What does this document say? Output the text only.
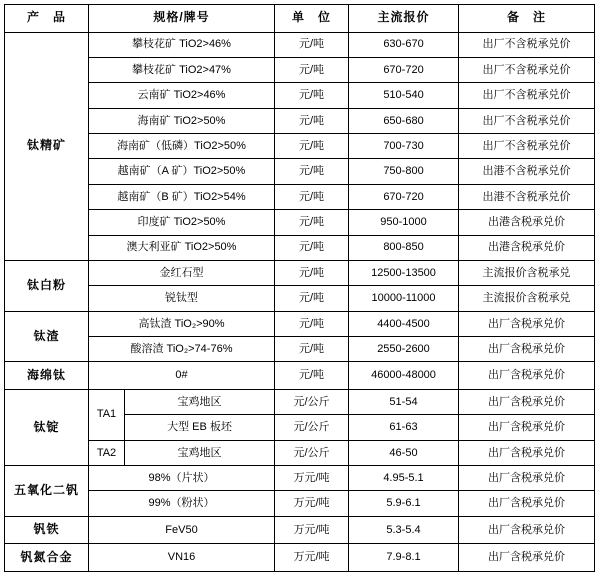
产　品	规格/牌号		单　位	主流报价	备　注
钛精矿	攀枝花矿 TiO2>46%		元/吨	630-670	出厂不含税承兑价
	攀枝花矿 TiO2>47%		元/吨	670-720	出厂不含税承兑价
	云南矿 TiO2>46%		元/吨	510-540	出厂不含税承兑价
	海南矿 TiO2>50%		元/吨	650-680	出厂不含税承兑价
	海南矿（低磷）TiO2>50%		元/吨	700-730	出厂不含税承兑价
	越南矿（A 矿）TiO2>50%		元/吨	750-800	出港不含税承兑价
	越南矿（B 矿）TiO2>54%		元/吨	670-720	出港不含税承兑价
	印度矿 TiO2>50%		元/吨	950-1000	出港含税承兑价
	澳大利亚矿 TiO2>50%		元/吨	800-850	出港含税承兑价
钛白粉	金红石型		元/吨	12500-13500	主流报价含税承兑
	锐钛型		元/吨	10000-11000	主流报价含税承兑
钛渣	高钛渣 TiO₂>90%		元/吨	4400-4500	出厂含税承兑价
	酸溶渣 TiO₂>74-76%		元/吨	2550-2600	出厂含税承兑价
海绵钛	0#		元/吨	46000-48000	出厂含税承兑价
钛锭	TA1	宝鸡地区	元/公斤	51-54	出厂含税承兑价
		大型 EB 板坯	元/公斤	61-63	出厂含税承兑价
	TA2	宝鸡地区	元/公斤	46-50	出厂含税承兑价
五氧化二钒	98%（片状）		万元/吨	4.95-5.1	出厂含税承兑价
	99%（粉状）		万元/吨	5.9-6.1	出厂含税承兑价
钒铁	FeV50		万元/吨	5.3-5.4	出厂含税承兑价
钒氮合金	VN16		万元/吨	7.9-8.1	出厂含税承兑价
